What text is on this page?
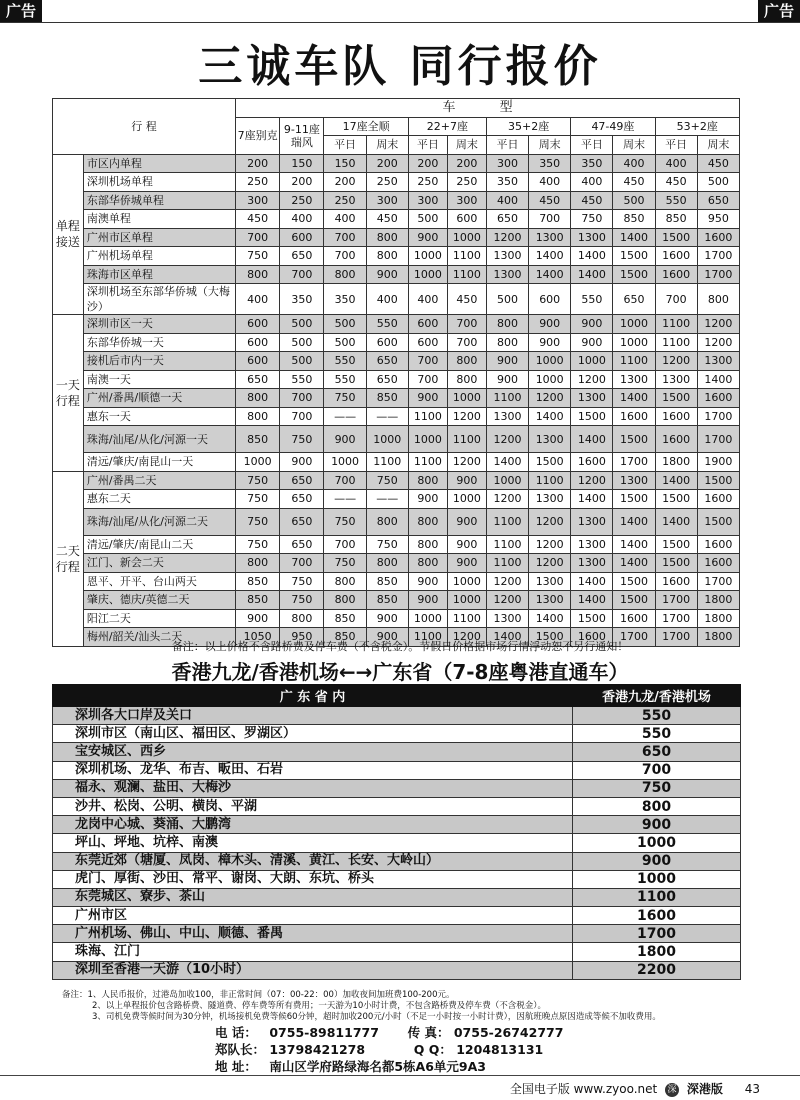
广告	广告
三诚车队 同行报价
行 程		车 型											
		7座别克	9-11座瑞风	17座全顺		22+7座		35+2座		47-49座		53+2座	
				平日	周末	平日	周末	平日	周末	平日	周末	平日	周末
单程接送	市区内单程	200	150	150	200	200	200	300	350	350	400	400	450
	深圳机场单程	250	200	200	250	250	250	350	400	400	450	450	500
	东部华侨城单程	300	250	250	300	300	300	400	450	450	500	550	650
	南澳单程	450	400	400	450	500	600	650	700	750	850	850	950
	广州市区单程	700	600	700	800	900	1000	1200	1300	1300	1400	1500	1600
	广州机场单程	750	650	700	800	1000	1100	1300	1400	1400	1500	1600	1700
	珠海市区单程	800	700	800	900	1000	1100	1300	1400	1400	1500	1600	1700
	深圳机场至东部华侨城（大梅沙）	400	350	350	400	400	450	500	600	550	650	700	800
一天行程	深圳市区一天	600	500	500	550	600	700	800	900	900	1000	1100	1200
	东部华侨城一天	600	500	500	600	600	700	800	900	900	1000	1100	1200
	接机后市内一天	600	500	550	650	700	800	900	1000	1000	1100	1200	1300
	南澳一天	650	550	550	650	700	800	900	1000	1200	1300	1300	1400
	广州/番禺/顺德一天	800	700	750	850	900	1000	1100	1200	1300	1400	1500	1600
	惠东一天	800	700	——	——	1100	1200	1300	1400	1500	1600	1600	1700
	珠海/汕尾/从化/河源一天	850	750	900	1000	1000	1100	1200	1300	1400	1500	1600	1700
	清远/肇庆/南昆山一天	1000	900	1000	1100	1100	1200	1400	1500	1600	1700	1800	1900
二天行程	广州/番禺二天	750	650	700	750	800	900	1000	1100	1200	1300	1400	1500
	惠东二天	750	650	——	——	900	1000	1200	1300	1400	1500	1500	1600
	珠海/汕尾/从化/河源二天	750	650	750	800	800	900	1100	1200	1300	1400	1400	1500
	清远/肇庆/南昆山二天	750	650	700	750	800	900	1100	1200	1300	1400	1500	1600
	江门、新会二天	800	700	750	800	800	900	1100	1200	1300	1400	1500	1600
	恩平、开平、台山两天	850	750	800	850	900	1000	1200	1300	1400	1500	1600	1700
	肇庆、德庆/英德二天	850	750	800	850	900	1000	1200	1300	1400	1500	1700	1800
	阳江二天	900	800	850	900	1000	1100	1300	1400	1500	1600	1700	1800
	梅州/韶关/汕头二天	1050	950	850	900	1100	1200	1400	1500	1600	1700	1700	1800
备注：以上价格不含路桥费及停车费（不含税金）。节假日价格据市场行情浮动恕不另行通知！
香港九龙/香港机场←→广东省（7-8座粤港直通车）
广 东 省 内	香港九龙/香港机场
深圳各大口岸及关口	550
深圳市区（南山区、福田区、罗湖区）	550
宝安城区、西乡	650
深圳机场、龙华、布吉、畈田、石岩	700
福永、观澜、盐田、大梅沙	750
沙井、松岗、公明、横岗、平湖	800
龙岗中心城、葵涌、大鹏湾	900
坪山、坪地、坑梓、南澳	1000
东莞近郊（塘厦、凤岗、樟木头、清溪、黄江、长安、大岭山）	900
虎门、厚街、沙田、常平、谢岗、大朗、东坑、桥头	1000
东莞城区、寮步、茶山	1100
广州市区	1600
广州机场、佛山、中山、顺德、番禺	1700
珠海、江门	1800
深圳至香港一天游（10小时）	2200
备注：1、人民币报价，过港岛加收100，非正常时间（07：00-22：00）加收夜间加班费100-200元。
2、以上单程报价包含路桥费、隧道费、停车费等所有费用；一天游为10小时计费，不包含路桥费及停车费（不含税金）。
3、司机免费等候时间为30分钟，机场接机免费等候60分钟，超时加收200元/小时（不足一小时按一小时计费），因航班晚点原因造成等候不加收费用。
电 话： 0755-89811777 传 真： 0755-26742777
郑队长： 13798421278	Q Q： 1204813131
地 址： 南山区学府路绿海名都5栋A6单元9A3
全国电子版 www.zyoo.net 深 深港版 43
